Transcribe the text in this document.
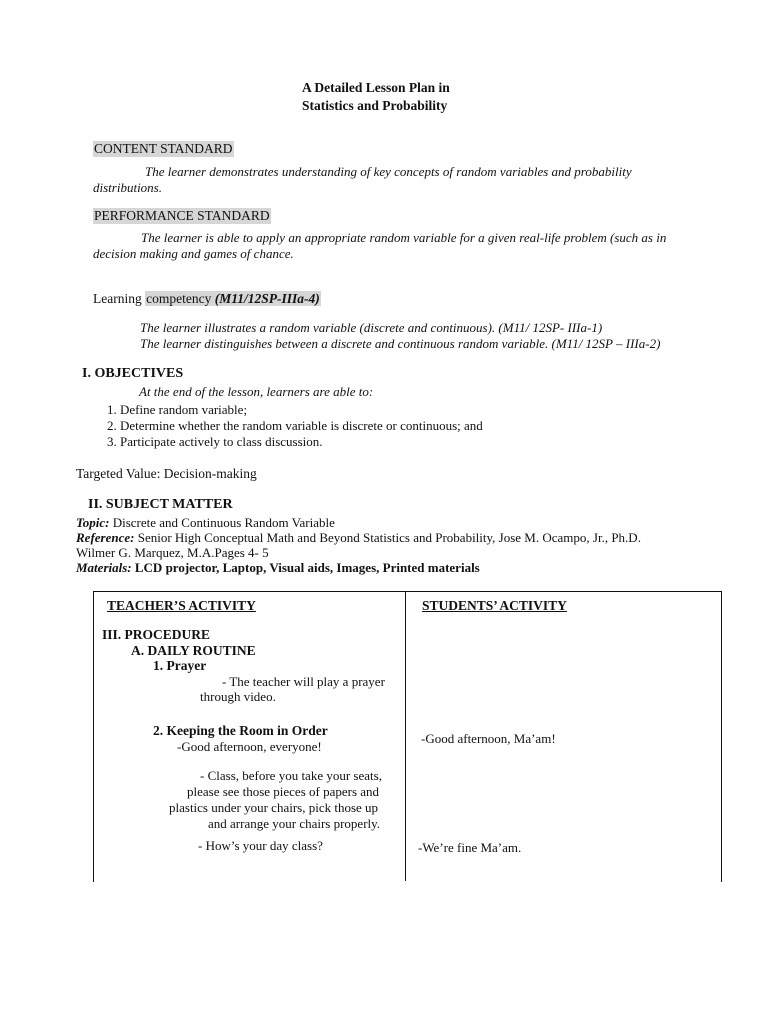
A Detailed Lesson Plan in
Statistics and Probability
CONTENT STANDARD
The learner demonstrates understanding of key concepts of random variables and probability
distributions.
PERFORMANCE STANDARD
The learner is able to apply an appropriate random variable for a given real-life problem (such as in
decision making and games of chance.
Learning competency (M11/12SP-IIIa-4)
The learner illustrates a random variable (discrete and continuous). (M11/ 12SP- IIIa-1)
The learner distinguishes between a discrete and continuous random variable. (M11/ 12SP – IIIa-2)
I. OBJECTIVES
At the end of the lesson, learners are able to:
1. Define random variable;
2. Determine whether the random variable is discrete or continuous; and
3. Participate actively to class discussion.
Targeted Value: Decision-making
II. SUBJECT MATTER
Topic: Discrete and Continuous Random Variable
Reference: Senior High Conceptual Math and Beyond Statistics and Probability, Jose M. Ocampo, Jr., Ph.D.
Wilmer G. Marquez, M.A.Pages 4- 5
Materials: LCD projector, Laptop, Visual aids, Images, Printed materials
TEACHER’S ACTIVITY	STUDENTS’ ACTIVITY
III. PROCEDURE
A. DAILY ROUTINE
1. Prayer
- The teacher will play a prayer
through video.
2. Keeping the Room in Order
-Good afternoon, everyone!
- Class, before you take your seats,
please see those pieces of papers and
plastics under your chairs, pick those up
and arrange your chairs properly.
- How’s your day class?
-Good afternoon, Ma’am!
-We’re fine Ma’am.
